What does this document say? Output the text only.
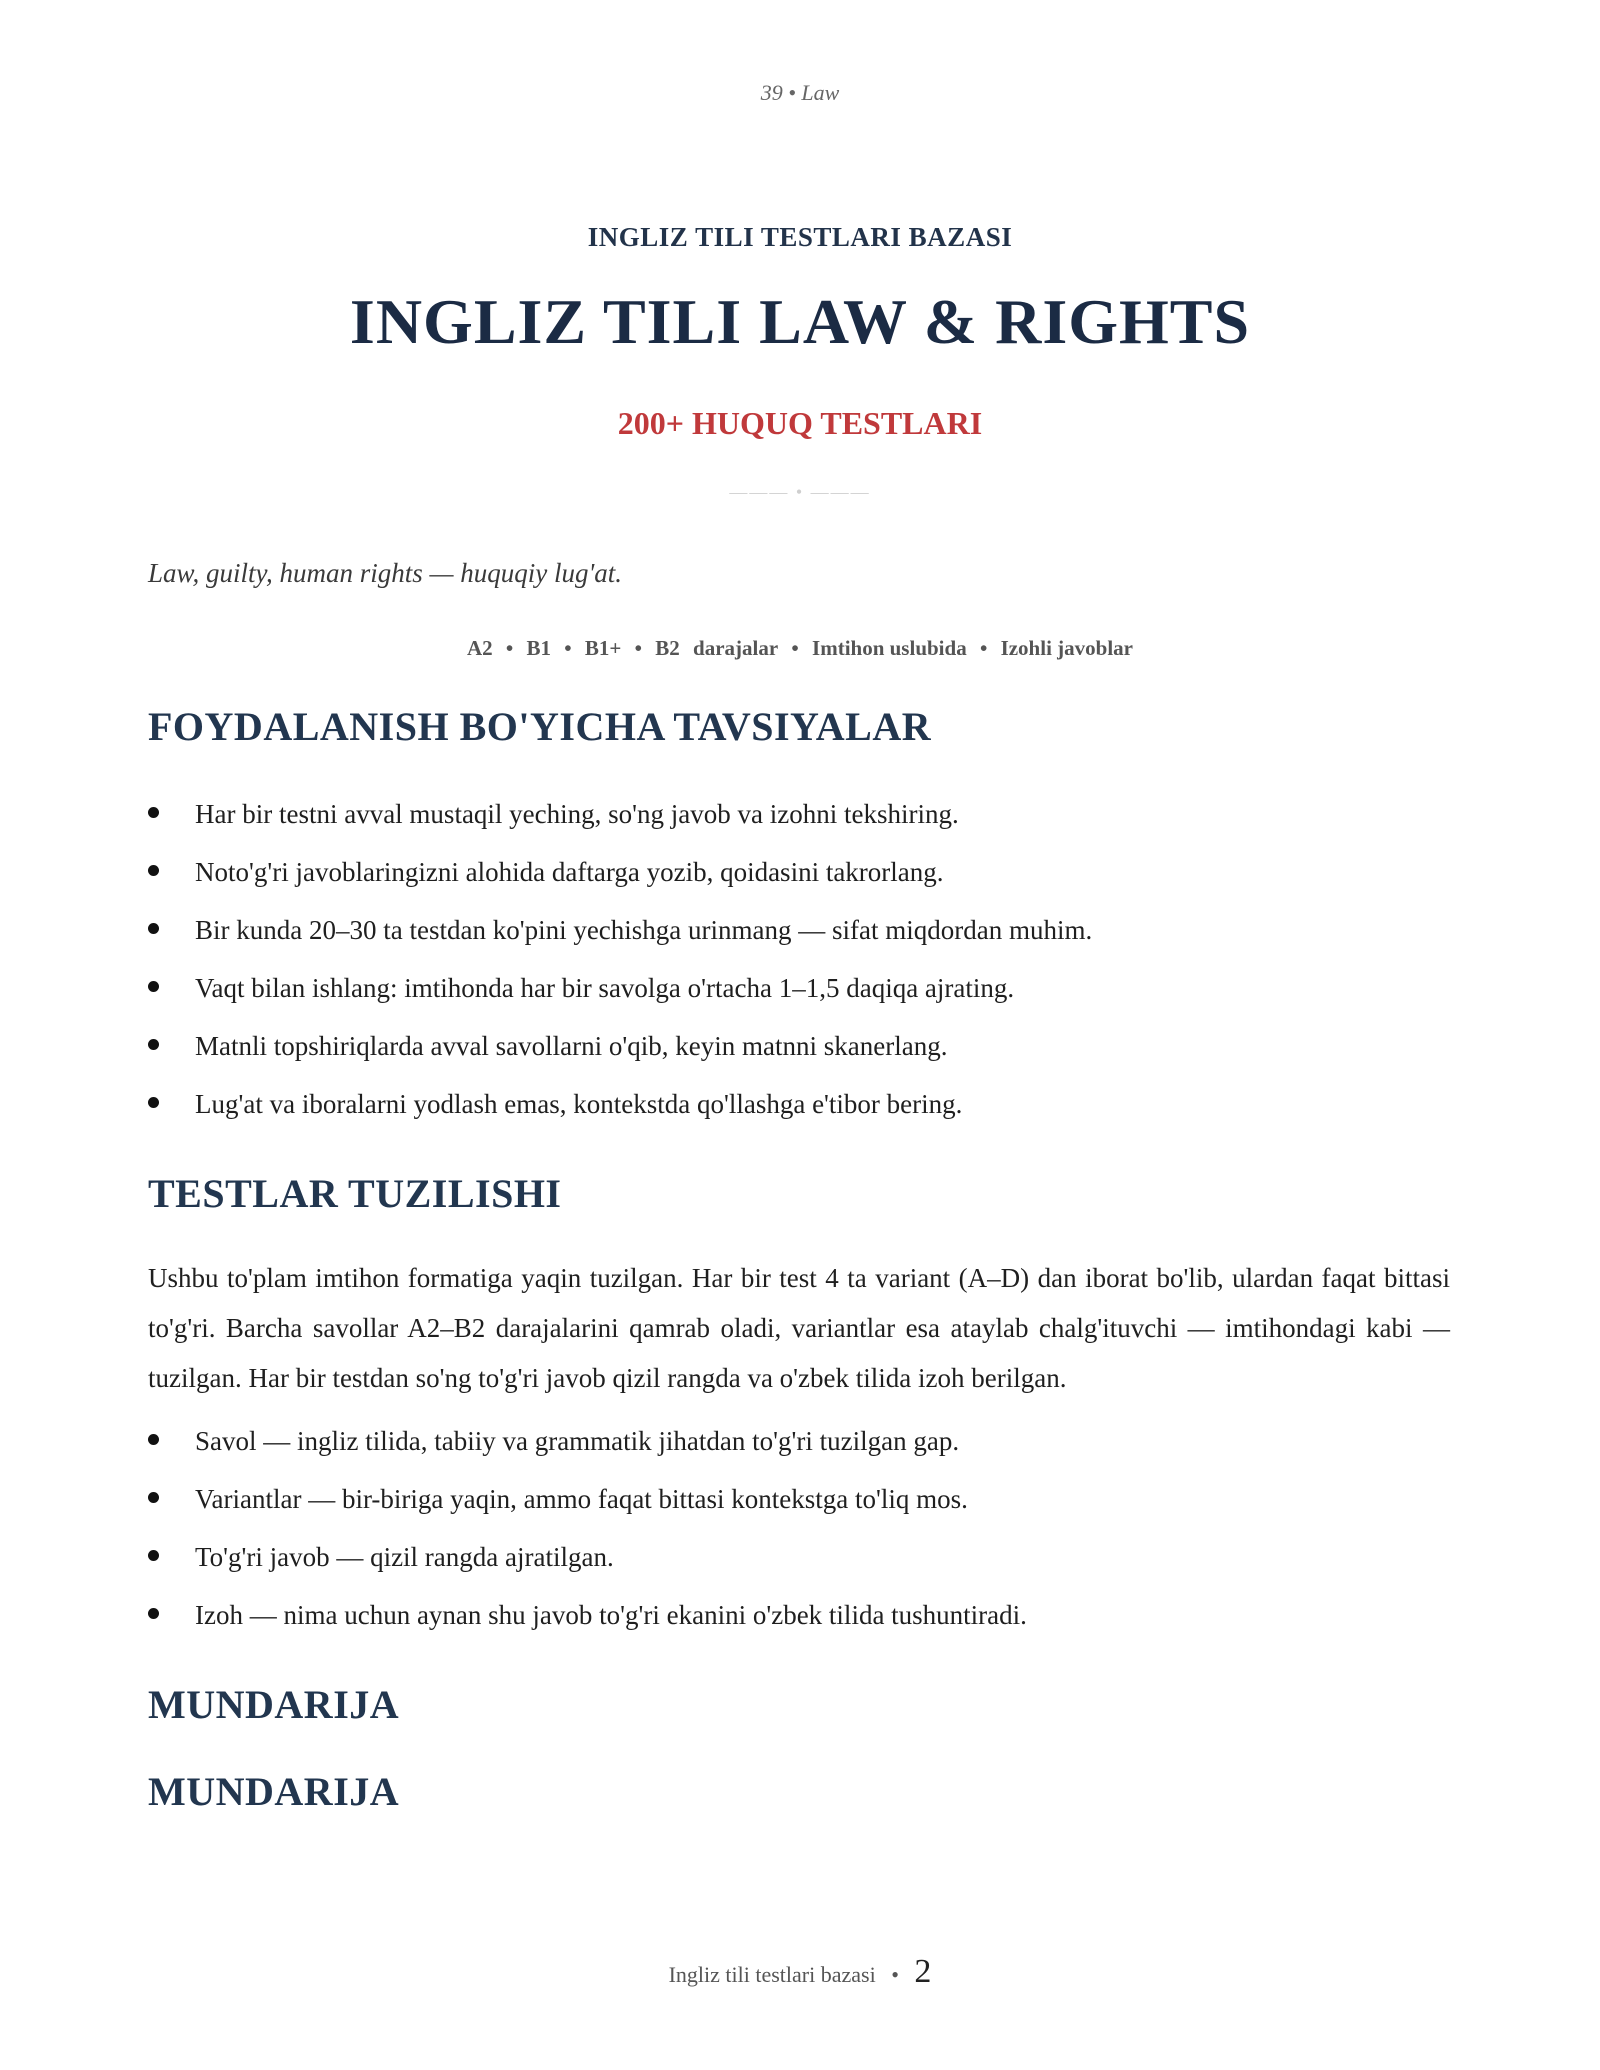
39 • Law
INGLIZ TILI TESTLARI BAZASI
INGLIZ TILI LAW & RIGHTS
200+ HUQUQ TESTLARI
——— • ———
Law, guilty, human rights — huquqiy lug'at.
A2 • B1 • B1+ • B2 darajalar • Imtihon uslubida • Izohli javoblar
FOYDALANISH BO'YICHA TAVSIYALAR
Har bir testni avval mustaqil yeching, so'ng javob va izohni tekshiring.
Noto'g'ri javoblaringizni alohida daftarga yozib, qoidasini takrorlang.
Bir kunda 20–30 ta testdan ko'pini yechishga urinmang — sifat miqdordan muhim.
Vaqt bilan ishlang: imtihonda har bir savolga o'rtacha 1–1,5 daqiqa ajrating.
Matnli topshiriqlarda avval savollarni o'qib, keyin matnni skanerlang.
Lug'at va iboralarni yodlash emas, kontekstda qo'llashga e'tibor bering.
TESTLAR TUZILISHI

Ushbu to'plam imtihon formatiga yaqin tuzilgan. Har bir test 4 ta variant (A–D) dan iborat bo'lib, ulardan faqat bittasi to'g'ri. Barcha savollar A2–B2 darajalarini qamrab oladi, variantlar esa ataylab chalg'ituvchi — imtihondagi kabi — tuzilgan. Har bir testdan so'ng to'g'ri javob qizil rangda va o'zbek tilida izoh berilgan.

Savol — ingliz tilida, tabiiy va grammatik jihatdan to'g'ri tuzilgan gap.
Variantlar — bir-biriga yaqin, ammo faqat bittasi kontekstga to'liq mos.
To'g'ri javob — qizil rangda ajratilgan.
Izoh — nima uchun aynan shu javob to'g'ri ekanini o'zbek tilida tushuntiradi.
MUNDARIJA
MUNDARIJA
Ingliz tili testlari bazasi • 2
